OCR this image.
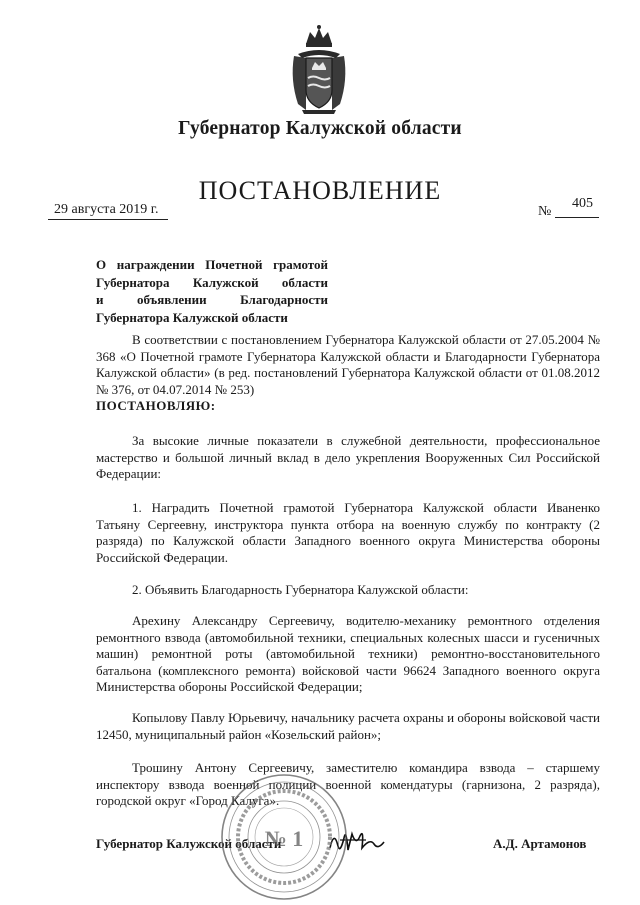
Губернатор Калужской области
ПОСТАНОВЛЕНИЕ
29 августа 2019 г.	№
405
О награждении Почетной грамотой
Губернатора Калужской области
и объявлении Благодарности
Губернатора Калужской области

В соответствии с постановлением Губернатора Калужской области от 27.05.2004 № 368 «О Почетной грамоте Губернатора Калужской области и Благодарности Губернатора Калужской области» (в ред. постановлений Губернатора Калужской области от 01.08.2012 № 376, от 04.07.2014 № 253)
ПОСТАНОВЛЯЮ:

За высокие личные показатели в служебной деятельности, профессиональное мастерство и большой личный вклад в дело укрепления Вооруженных Сил Российской Федерации:

1. Наградить Почетной грамотой Губернатора Калужской области Иваненко Татьяну Сергеевну, инструктора пункта отбора на военную службу по контракту (2 разряда) по Калужской области Западного военного округа Министерства обороны Российской Федерации.

2. Объявить Благодарность Губернатора Калужской области:

Арехину Александру Сергеевичу, водителю-механику ремонтного отделения ремонтного взвода (автомобильной техники, специальных колесных шасси и гусеничных машин) ремонтной роты (автомобильной техники) ремонтно-восстановительного батальона (комплексного ремонта) войсковой части 96624 Западного военного округа Министерства обороны Российской Федерации;

Копылову Павлу Юрьевичу, начальнику расчета охраны и обороны войсковой части 12450, муниципальный район «Козельский район»;

Трошину Антону Сергеевичу, заместителю командира взвода – старшему инспектору взвода военной полиции военной комендатуры (гарнизона, 2 разряда), городской округ «Город Калуга».

Губернатор Калужской области	А.Д. Артамонов
№ 1
